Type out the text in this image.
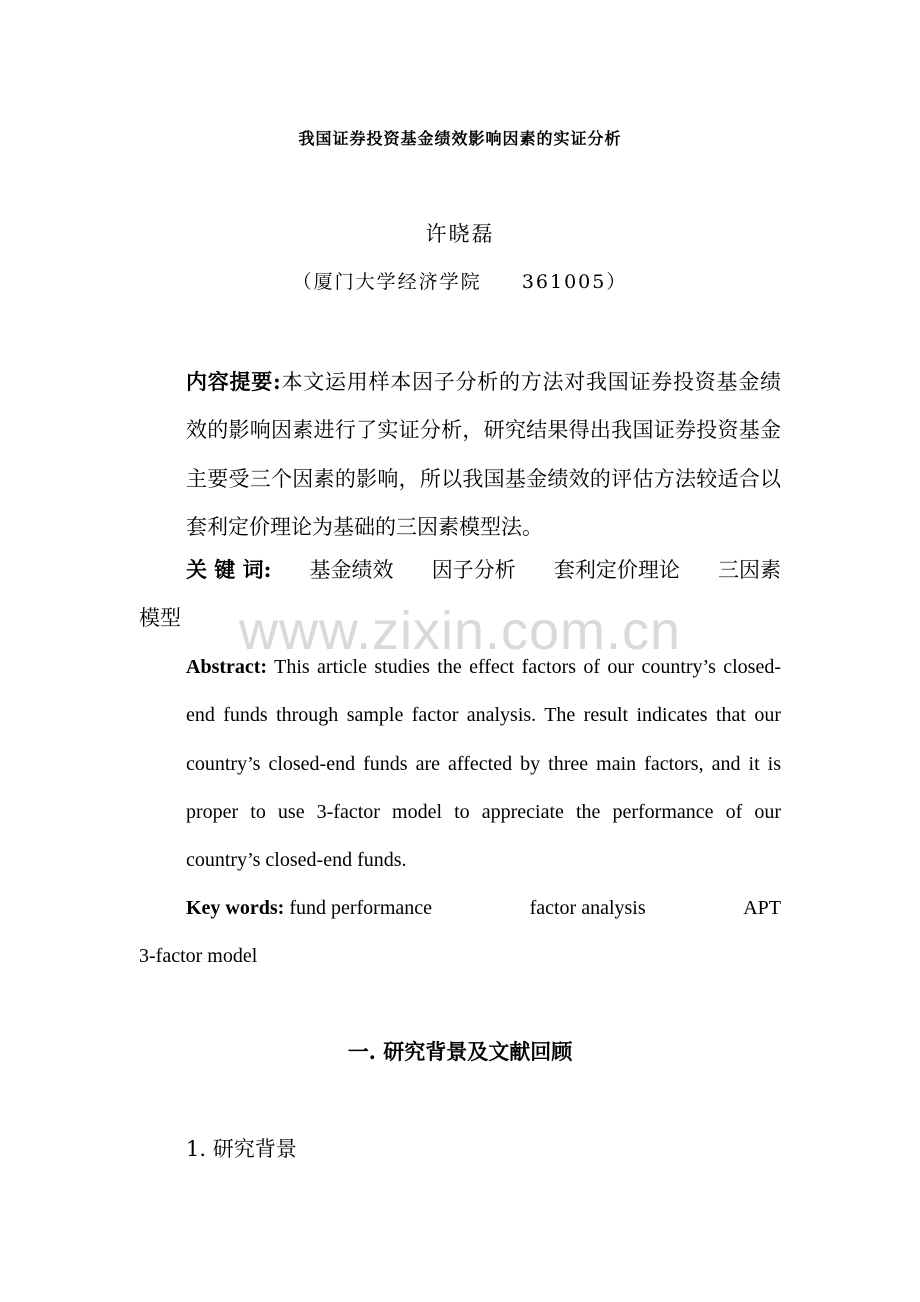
我国证券投资基金绩效影响因素的实证分析
许晓磊
（厦门大学经济学院     361005）
内容提要:本文运用样本因子分析的方法对我国证券投资基金绩效的影响因素进行了实证分析，研究结果得出我国证券投资基金主要受三个因素的影响，所以我国基金绩效的评估方法较适合以套利定价理论为基础的三因素模型法。
关 键 词: 基金绩效 因子分析 套利定价理论 三因素
模型	www.zixin.com.cn
Abstract: This article studies the effect factors of our country’s closed-end funds through sample factor analysis. The result indicates that our country’s closed-end funds are affected by three main factors, and it is proper to use 3-factor model to appreciate the performance of our country’s closed-end funds.
Key words: fund performance	factor analysis	APT
3-factor model
一. 研究背景及文献回顾
1. 研究背景
